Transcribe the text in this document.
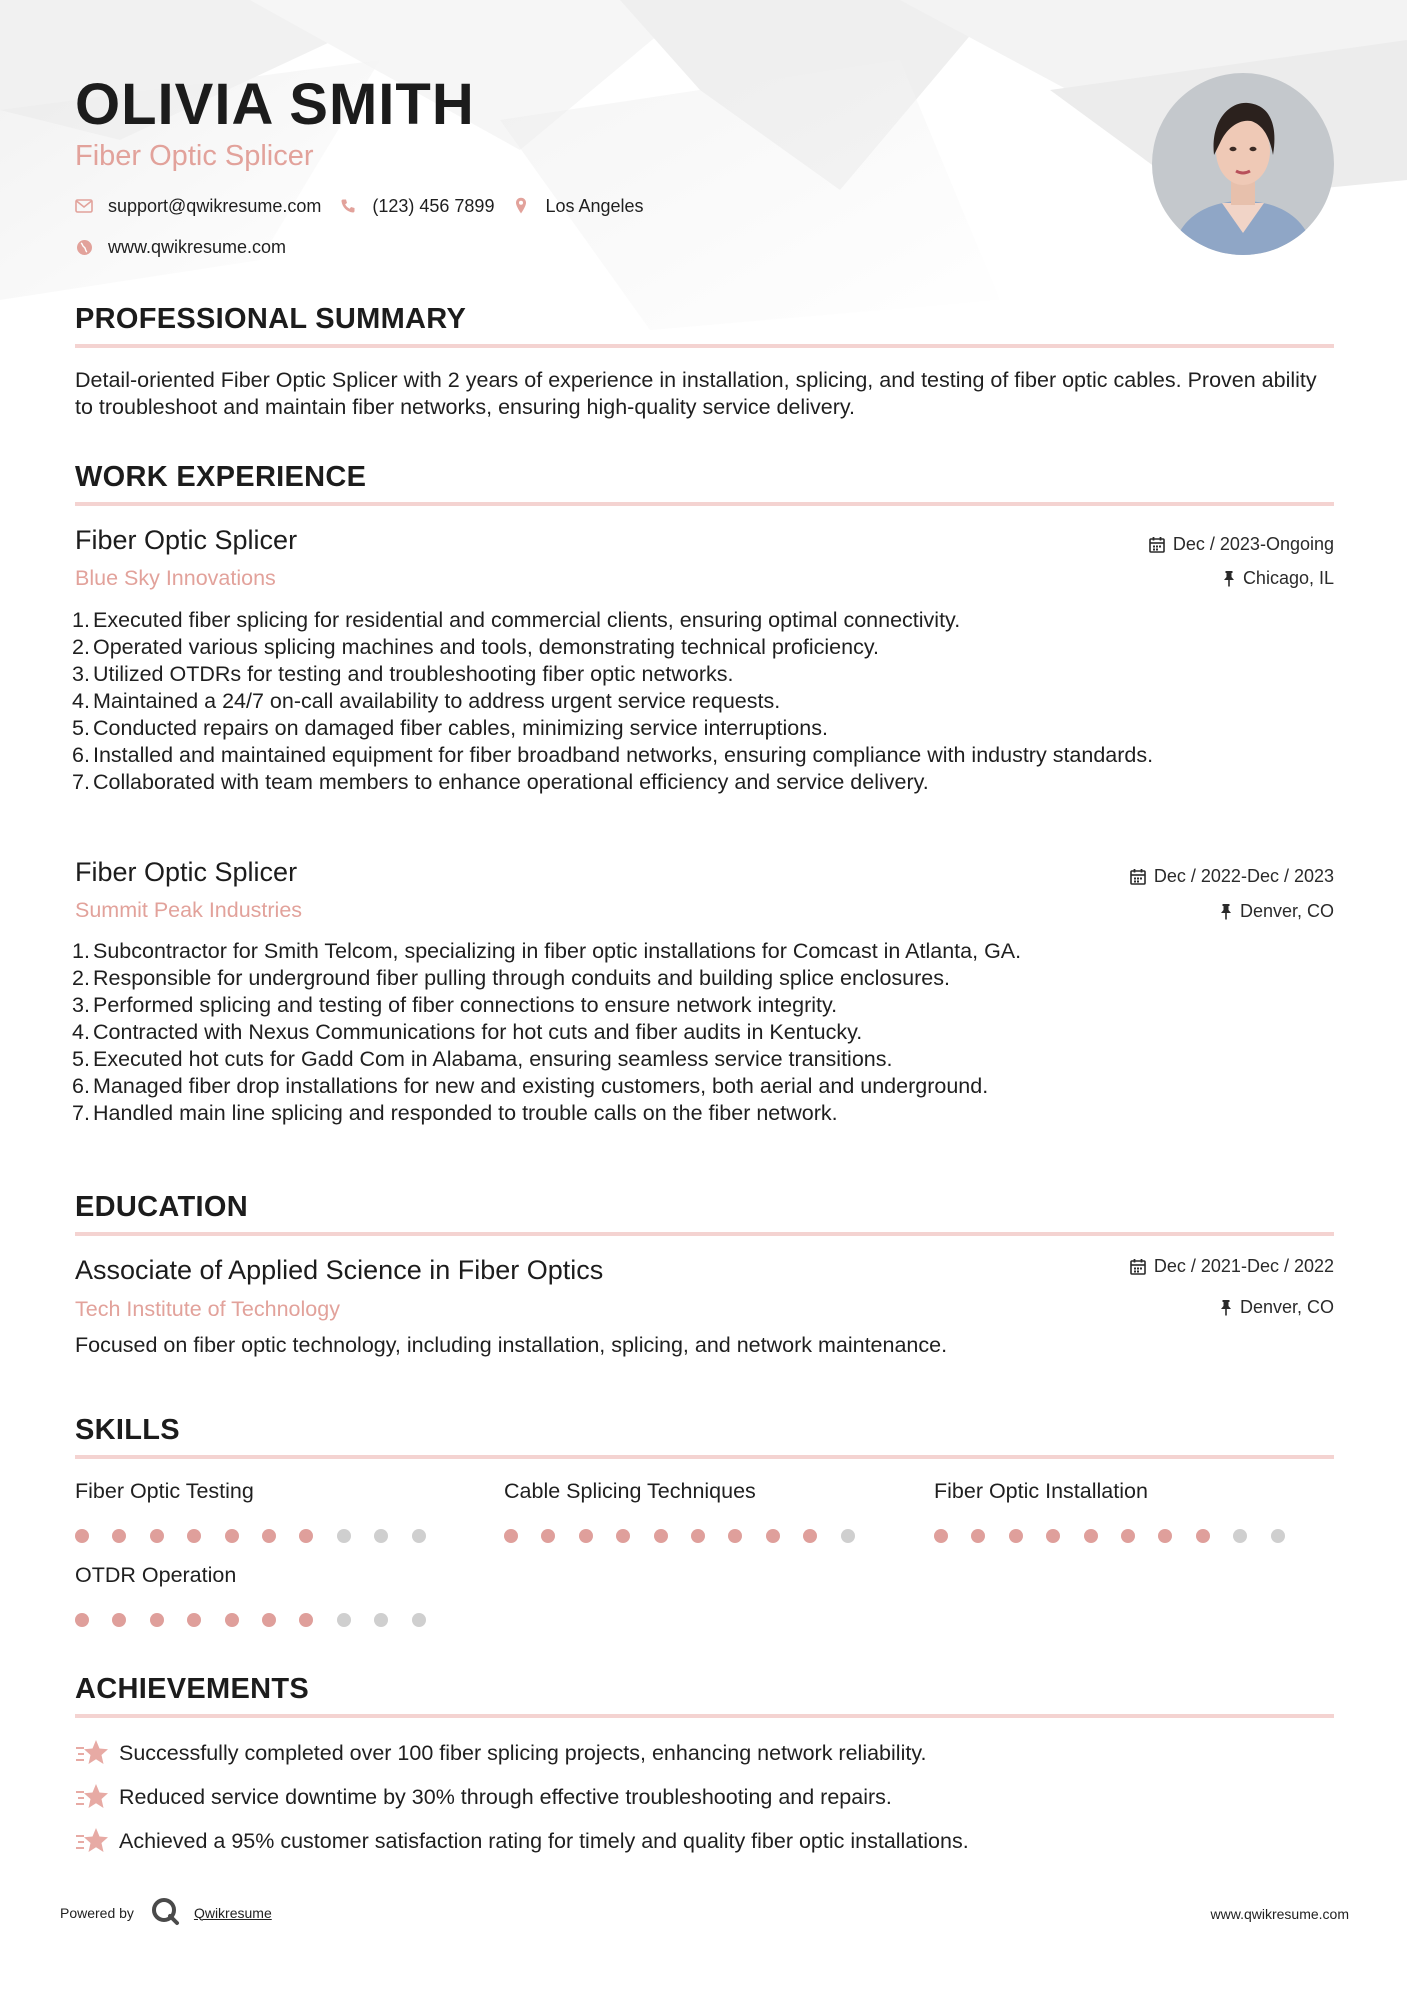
OLIVIA SMITH
Fiber Optic Splicer
support@qwikresume.com	(123) 456 7899	Los Angeles
www.qwikresume.com
PROFESSIONAL SUMMARY
Detail-oriented Fiber Optic Splicer with 2 years of experience in installation, splicing, and testing of fiber optic cables. Proven ability to troubleshoot and maintain fiber networks, ensuring high-quality service delivery.
WORK EXPERIENCE
Fiber Optic Splicer	Dec / 2023-Ongoing
Blue Sky Innovations	Chicago, IL
Executed fiber splicing for residential and commercial clients, ensuring optimal connectivity.
Operated various splicing machines and tools, demonstrating technical proficiency.
Utilized OTDRs for testing and troubleshooting fiber optic networks.
Maintained a 24/7 on-call availability to address urgent service requests.
Conducted repairs on damaged fiber cables, minimizing service interruptions.
Installed and maintained equipment for fiber broadband networks, ensuring compliance with industry standards.
Collaborated with team members to enhance operational efficiency and service delivery.
Fiber Optic Splicer	Dec / 2022-Dec / 2023
Summit Peak Industries	Denver, CO
Subcontractor for Smith Telcom, specializing in fiber optic installations for Comcast in Atlanta, GA.
Responsible for underground fiber pulling through conduits and building splice enclosures.
Performed splicing and testing of fiber connections to ensure network integrity.
Contracted with Nexus Communications for hot cuts and fiber audits in Kentucky.
Executed hot cuts for Gadd Com in Alabama, ensuring seamless service transitions.
Managed fiber drop installations for new and existing customers, both aerial and underground.
Handled main line splicing and responded to trouble calls on the fiber network.
EDUCATION
Associate of Applied Science in Fiber Optics	Dec / 2021-Dec / 2022
Tech Institute of Technology	Denver, CO
Focused on fiber optic technology, including installation, splicing, and network maintenance.
SKILLS
Fiber Optic Testing	Cable Splicing Techniques	Fiber Optic Installation
OTDR Operation
ACHIEVEMENTS
Successfully completed over 100 fiber splicing projects, enhancing network reliability.
Reduced service downtime by 30% through effective troubleshooting and repairs.
Achieved a 95% customer satisfaction rating for timely and quality fiber optic installations.
Powered by	Qwikresume	www.qwikresume.com
